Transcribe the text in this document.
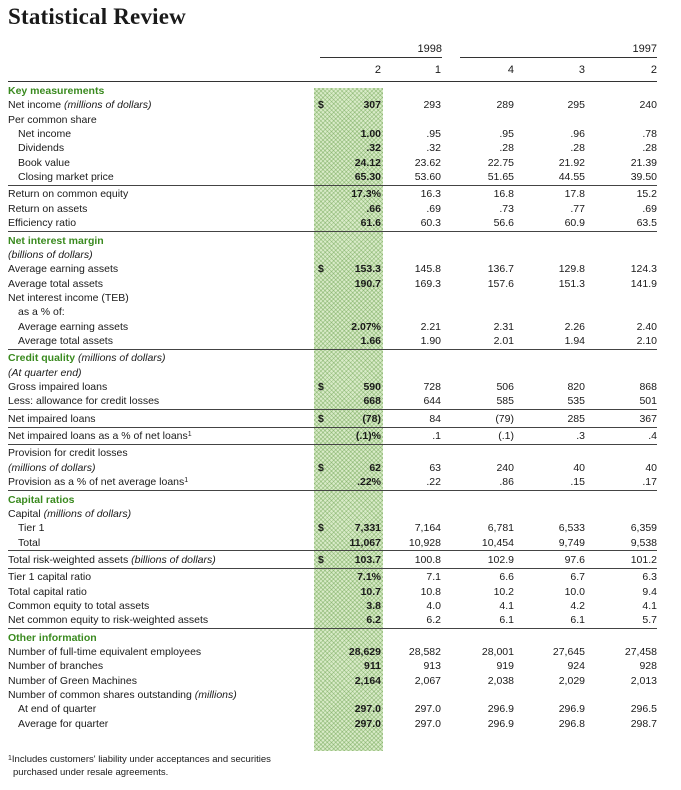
Statistical Review
1998	1997
2	1	4	3	2
Key measurements
Net income (millions of dollars)	$	307	293	289	295	240
Per common share
Net income	1.00	.95	.95	.96	.78
Dividends	.32	.32	.28	.28	.28
Book value	24.12	23.62	22.75	21.92	21.39
Closing market price	65.30	53.60	51.65	44.55	39.50
Return on common equity	17.3%	16.3	16.8	17.8	15.2
Return on assets	.66	.69	.73	.77	.69
Efficiency ratio	61.6	60.3	56.6	60.9	63.5
Net interest margin
(billions of dollars)
Average earning assets	$	153.3	145.8	136.7	129.8	124.3
Average total assets	190.7	169.3	157.6	151.3	141.9
Net interest income (TEB)
as a % of:
Average earning assets	2.07%	2.21	2.31	2.26	2.40
Average total assets	1.66	1.90	2.01	1.94	2.10
Credit quality (millions of dollars)
(At quarter end)
Gross impaired loans	$	590	728	506	820	868
Less: allowance for credit losses	668	644	585	535	501
Net impaired loans	$	(78)	84	(79)	285	367
Net impaired loans as a % of net loans$^1$	(.1)%	.1	(.1)	.3	.4
Provision for credit losses
(millions of dollars)	$	62	63	240	40	40
Provision as a % of net average loans$^1$	.22%	.22	.86	.15	.17
Capital ratios
Capital (millions of dollars)
Tier 1	$	7,331	7,164	6,781	6,533	6,359
Total	11,067	10,928	10,454	9,749	9,538
Total risk-weighted assets (billions of dollars)	$	103.7	100.8	102.9	97.6	101.2
Tier 1 capital ratio	7.1%	7.1	6.6	6.7	6.3
Total capital ratio	10.7	10.8	10.2	10.0	9.4
Common equity to total assets	3.8	4.0	4.1	4.2	4.1
Net common equity to risk-weighted assets	6.2	6.2	6.1	6.1	5.7
Other information
Number of full-time equivalent employees	28,629	28,582	28,001	27,645	27,458
Number of branches	911	913	919	924	928
Number of Green Machines	2,164	2,067	2,038	2,029	2,013
Number of common shares outstanding (millions)
At end of quarter	297.0	297.0	296.9	296.9	296.5
Average for quarter	297.0	297.0	296.9	296.8	298.7
$^1$Includes customers' liability under acceptances and securities
purchased under resale agreements.
